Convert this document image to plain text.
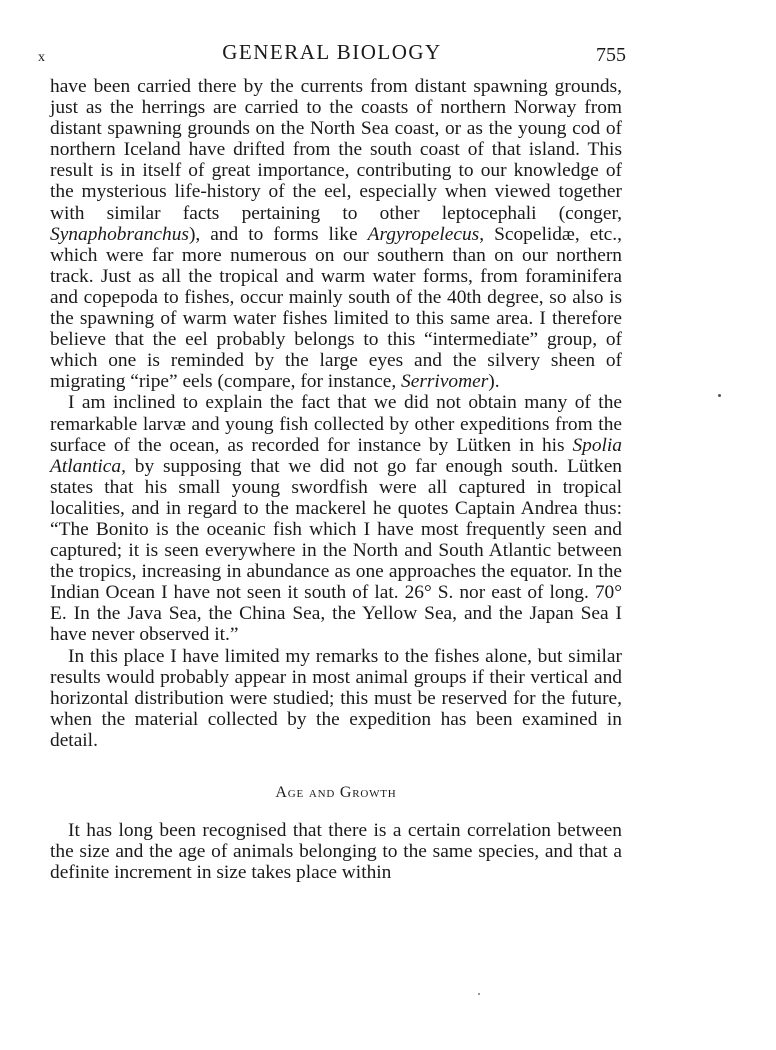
x	GENERAL BIOLOGY	755

have been carried there by the currents from distant spawning grounds, just as the herrings are carried to the coasts of northern Norway from distant spawning grounds on the North Sea coast, or as the young cod of northern Iceland have drifted from the south coast of that island. This result is in itself of great importance, contributing to our knowledge of the mysterious life-history of the eel, especially when viewed together with similar facts pertaining to other leptocephali (conger, Synaphobranchus), and to forms like Argyropelecus, Scopelidæ, etc., which were far more numerous on our southern than on our northern track. Just as all the tropical and warm water forms, from foraminifera and copepoda to fishes, occur mainly south of the 40th degree, so also is the spawning of warm water fishes limited to this same area. I therefore believe that the eel probably belongs to this “intermediate” group, of which one is reminded by the large eyes and the silvery sheen of migrating “ripe” eels (compare, for instance, Serrivomer).

I am inclined to explain the fact that we did not obtain many of the remarkable larvæ and young fish collected by other expeditions from the surface of the ocean, as recorded for instance by Lütken in his Spolia Atlantica, by supposing that we did not go far enough south. Lütken states that his small young swordfish were all captured in tropical localities, and in regard to the mackerel he quotes Captain Andrea thus: “The Bonito is the oceanic fish which I have most frequently seen and captured; it is seen everywhere in the North and South Atlantic between the tropics, increasing in abundance as one approaches the equator. In the Indian Ocean I have not seen it south of lat. 26° S. nor east of long. 70° E. In the Java Sea, the China Sea, the Yellow Sea, and the Japan Sea I have never observed it.”

In this place I have limited my remarks to the fishes alone, but similar results would probably appear in most animal groups if their vertical and horizontal distribution were studied; this must be reserved for the future, when the material collected by the expedition has been examined in detail.

Age and Growth

It has long been recognised that there is a certain correlation between the size and the age of animals belonging to the same species, and that a definite increment in size takes place within
